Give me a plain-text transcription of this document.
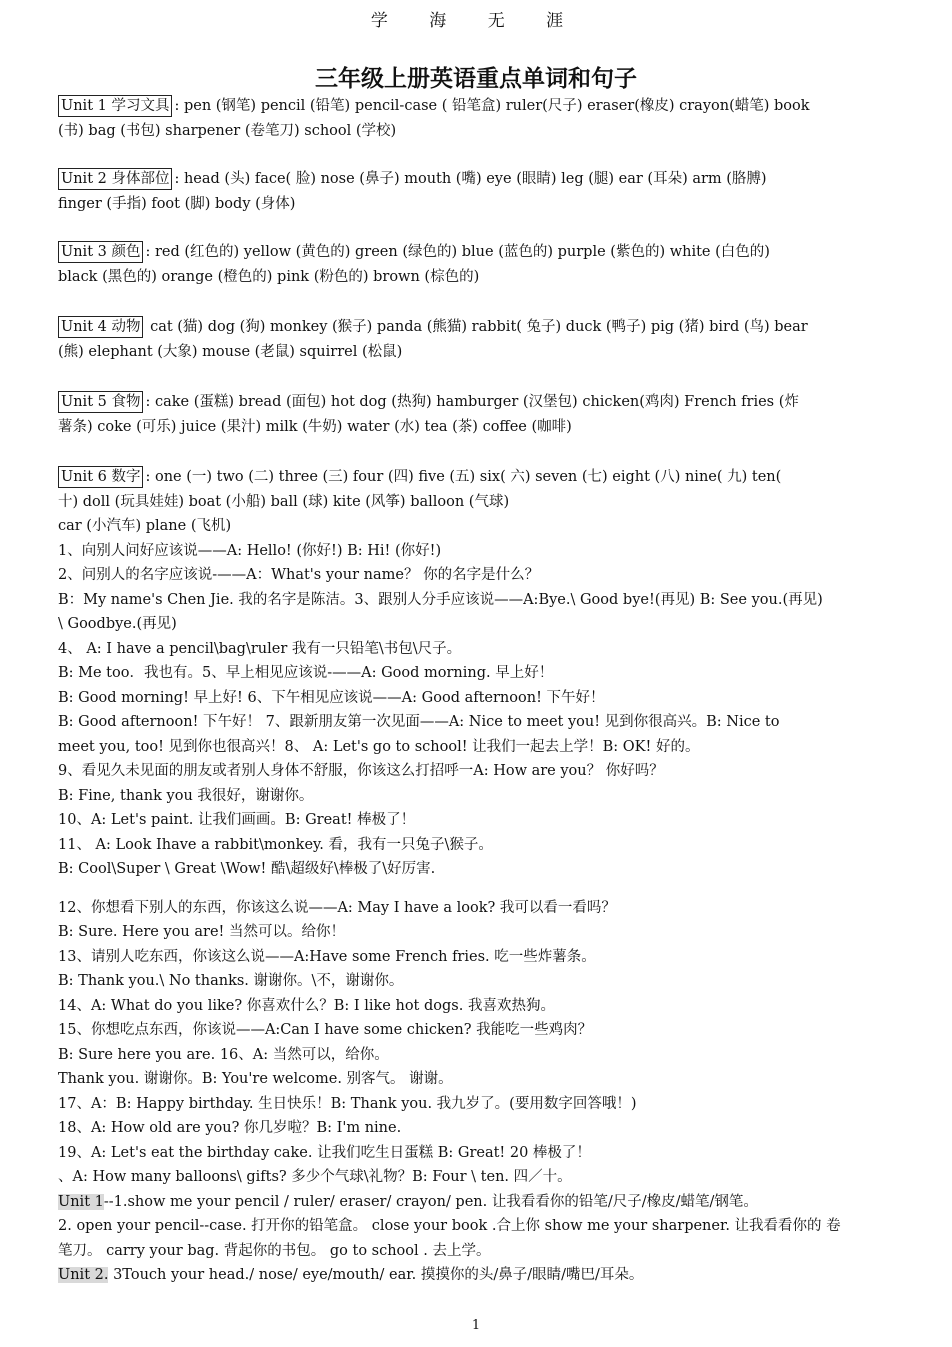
学 海 无 涯
三年级上册英语重点单词和句子
Unit 1 学习文具 : pen (钢笔) pencil (铅笔) pencil-case ( 铅笔盒) ruler(尺子) eraser(橡皮) crayon(蜡笔) book
(书) bag (书包) sharpener (卷笔刀) school (学校)
Unit 2 身体部位 : head (头) face( 脸) nose (鼻子) mouth (嘴) eye (眼睛) leg (腿) ear (耳朵) arm (胳膊)
finger (手指) foot (脚) body (身体)
Unit 3 颜色 : red (红色的) yellow (黄色的) green (绿色的) blue (蓝色的) purple (紫色的) white (白色的)
black (黑色的) orange (橙色的) pink (粉色的) brown (棕色的)
Unit 4 动物 cat (猫) dog (狗) monkey (猴子) panda (熊猫) rabbit( 兔子) duck (鸭子) pig (猪) bird (鸟) bear
(熊) elephant (大象) mouse (老鼠) squirrel (松鼠)
Unit 5 食物 : cake (蛋糕) bread (面包) hot dog (热狗) hamburger (汉堡包) chicken(鸡肉) French fries (炸
薯条) coke (可乐) juice (果汁) milk (牛奶) water (水) tea (茶) coffee (咖啡)
Unit 6 数字 : one (一) two (二) three (三) four (四) five (五) six( 六) seven (七) eight (八) nine( 九) ten(
十) doll (玩具娃娃) boat (小船) ball (球) kite (风筝) balloon (气球)
car (小汽车) plane (飞机)
1、向别人问好应该说——A: Hello! (你好!) B: Hi! (你好!)
2、问别人的名字应该说-——A：What's your name？ 你的名字是什么？
B：My name's Chen Jie. 我的名字是陈洁。3、跟别人分手应该说——A:Bye.\ Good bye!(再见) B: See you.(再见)
\ Goodbye.(再见)
4、 A: I have a pencil\bag\ruler 我有一只铅笔\书包\尺子。
B: Me too．我也有。5、早上相见应该说-——A: Good morning. 早上好！
B: Good morning! 早上好! 6、下午相见应该说——A: Good afternoon! 下午好！
B: Good afternoon! 下午好！ 7、跟新朋友第一次见面——A: Nice to meet you! 见到你很高兴。B: Nice to
meet you, too! 见到你也很高兴！8、 A: Let's go to school! 让我们一起去上学！B: OK! 好的。
9、看见久未见面的朋友或者别人身体不舒服，你该这么打招呼一A: How are you？ 你好吗？
B: Fine, thank you 我很好，谢谢你。
10、A: Let's paint. 让我们画画。B: Great! 棒极了！
11、 A: Look Ihave a rabbit\monkey. 看，我有一只兔子\猴子。
B: Cool\Super \ Great \Wow! 酷\超级好\棒极了\好厉害.
12、你想看下别人的东西，你该这么说——A: May I have a look? 我可以看一看吗？
B: Sure. Here you are! 当然可以。给你！
13、请别人吃东西，你该这么说——A:Have some French fries. 吃一些炸薯条。
B: Thank you.\ No thanks. 谢谢你。\不，谢谢你。
14、A: What do you like? 你喜欢什么？B: I like hot dogs. 我喜欢热狗。
15、你想吃点东西，你该说——A:Can I have some chicken? 我能吃一些鸡肉？
B: Sure here you are. 16、A: 当然可以，给你。
Thank you. 谢谢你。B: You're welcome. 别客气。 谢谢。
17、A：B: Happy birthday. 生日快乐！B: Thank you. 我九岁了。(要用数字回答哦！)
18、A: How old are you? 你几岁啦？B: I'm nine.
19、A: Let's eat the birthday cake. 让我们吃生日蛋糕 B: Great! 20 棒极了！
、A: How many balloons\ gifts? 多少个气球\礼物？B: Four \ ten. 四／十。
Unit 1--1.show me your pencil / ruler/ eraser/ crayon/ pen. 让我看看你的铅笔/尺子/橡皮/蜡笔/钢笔。
2. open your pencil--case. 打开你的铅笔盒。 close your book .合上你 show me your sharpener. 让我看看你的 卷
笔刀。 carry your bag. 背起你的书包。 go to school . 去上学。
Unit 2. 3Touch your head./ nose/ eye/mouth/ ear. 摸摸你的头/鼻子/眼睛/嘴巴/耳朵。
1
